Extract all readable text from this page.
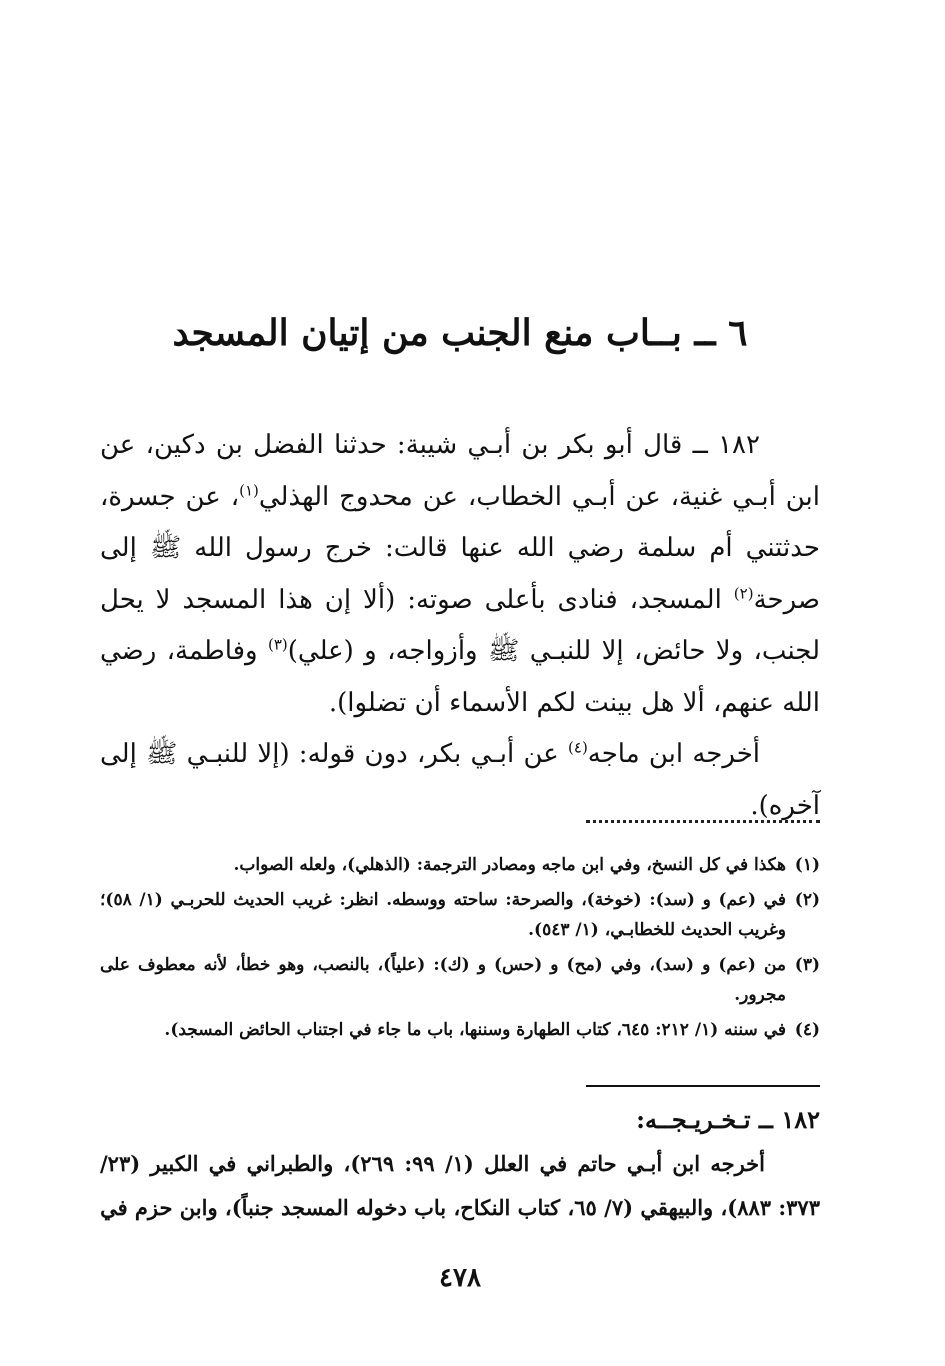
٦ ــ بــاب منع الجنب من إتيان المسجد

١٨٢ ــ قال أبو بكر بن أبـي شيبة: حدثنا الفضل بن دكين، عن ابن أبـي غنية، عن أبـي الخطاب، عن محدوج الهذلي$^{(١)}$، عن جسرة، حدثتني أم سلمة رضي الله عنها قالت: خرج رسول الله ﷺ إلى صرحة$^{(٢)}$ المسجد، فنادى بأعلى صوته: (ألا إن هذا المسجد لا يحل لجنب، ولا حائض، إلا للنبـي ﷺ وأزواجه، و (علي)$^{(٣)}$ وفاطمة، رضي الله عنهم، ألا هل بينت لكم الأسماء أن تضلوا).

أخرجه ابن ماجه$^{(٤)}$ عن أبـي بكر، دون قوله: (إلا للنبـي ﷺ إلى آخره).

(١)
هكذا في كل النسخ، وفي ابن ماجه ومصادر الترجمة: (الذهلي)، ولعله الصواب.
(٢)
في (عم) و (سد): (خوخة)، والصرحة: ساحته ووسطه. انظر: غريب الحديث للحربـي (١/ ٥٨)؛ وغريب الحديث للخطابـي، (١/ ٥٤٣).
(٣)
من (عم) و (سد)، وفي (مح) و (حس) و (ك): (علياً)، بالنصب، وهو خطأ، لأنه معطوف على مجرور.
(٤)
في سننه (١/ ٢١٢: ٦٤٥، كتاب الطهارة وسننها، باب ما جاء في اجتناب الحائض المسجد).

١٨٢ ــ تـخـريـجــه:

أخرجه ابن أبـي حاتم في العلل (١/ ٩٩: ٢٦٩)، والطبراني في الكبير (٢٣/ ٣٧٣: ٨٨٣)، والبيهقي (٧/ ٦٥، كتاب النكاح، باب دخوله المسجد جنباً)، وابن حزم في

٤٧٨
